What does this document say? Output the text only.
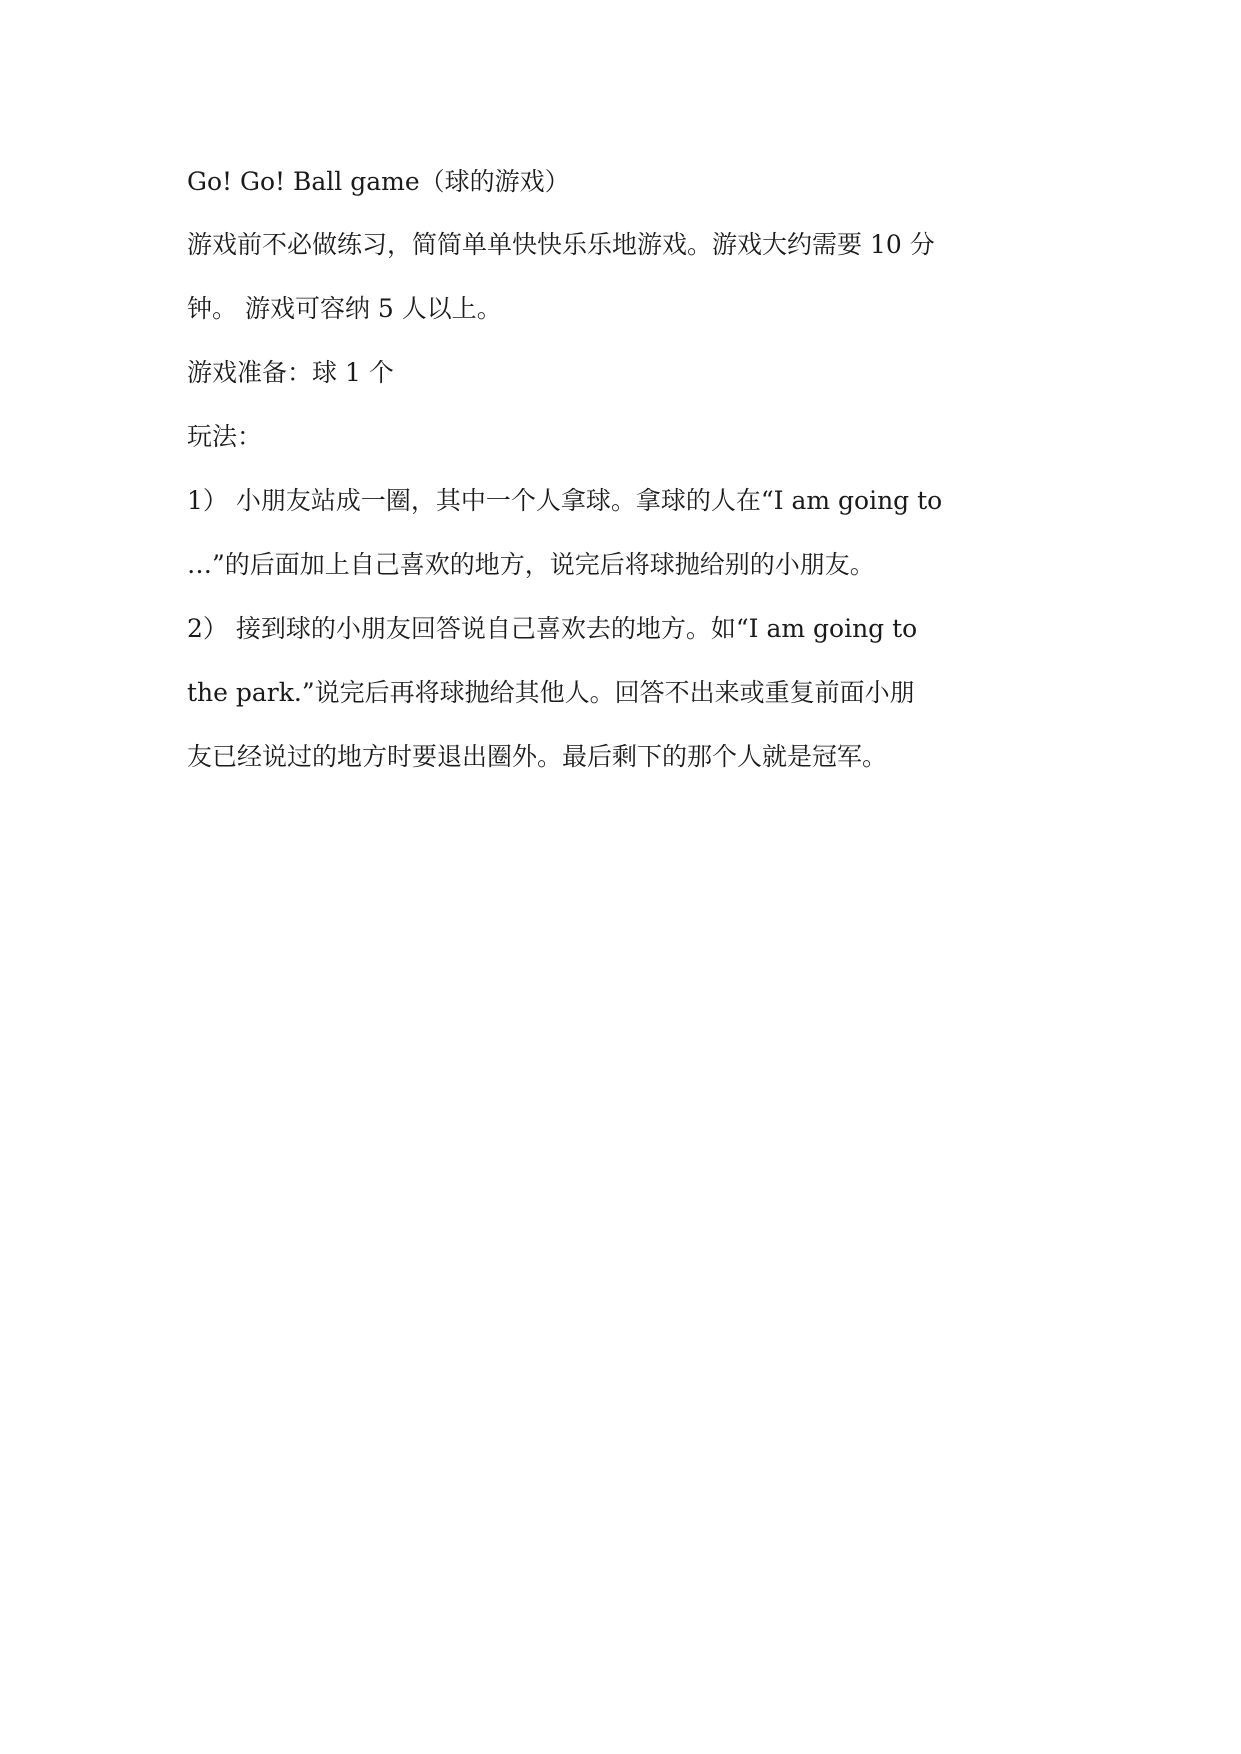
Go! Go! Ball game（球的游戏）
游戏前不必做练习，简简单单快快乐乐地游戏。游戏大约需要 10 分
钟。 游戏可容纳 5 人以上。
游戏准备：球 1 个
玩法：
1） 小朋友站成一圈，其中一个人拿球。拿球的人在“I am going to
…”的后面加上自己喜欢的地方，说完后将球抛给别的小朋友。
2） 接到球的小朋友回答说自己喜欢去的地方。如“I am going to
the park.”说完后再将球抛给其他人。回答不出来或重复前面小朋
友已经说过的地方时要退出圈外。最后剩下的那个人就是冠军。
